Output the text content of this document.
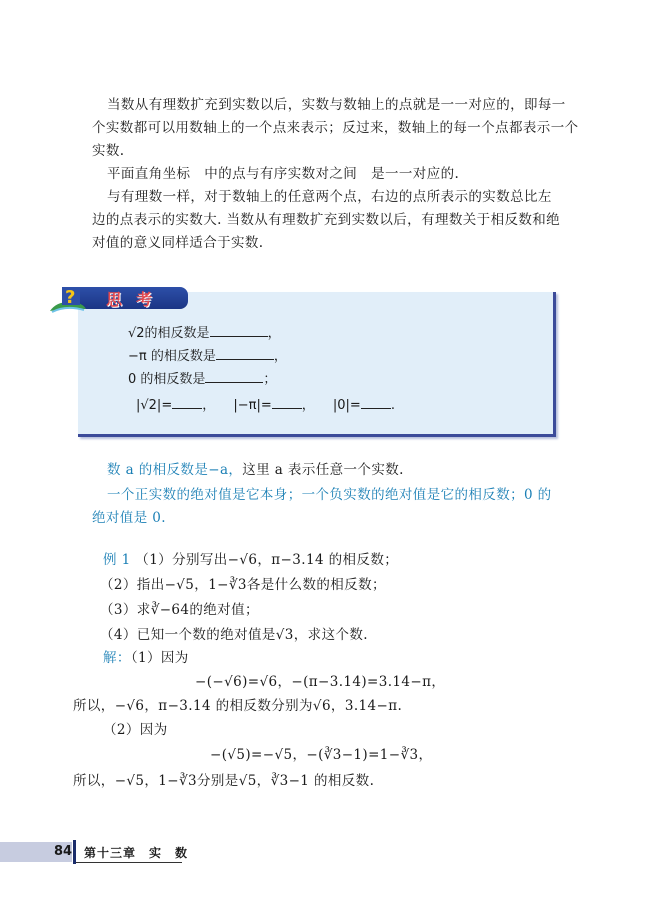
当数从有理数扩充到实数以后，实数与数轴上的点就是一一对应的，即每一
个实数都可以用数轴上的一个点来表示；反过来，数轴上的每一个点都表示一个
实数.
平面直角坐标　中的点与有序实数对之间　是一一对应的.
与有理数一样，对于数轴上的任意两个点，右边的点所表示的实数总比左
边的点表示的实数大. 当数从有理数扩充到实数以后，有理数关于相反数和绝
对值的意义同样适合于实数.
? 思考
√2的相反数是	，
−π 的相反数是	，
0 的相反数是	；
|√2|= ， |−π|= ， |0|= .
数 a 的相反数是−a，这里 a 表示任意一个实数.
一个正实数的绝对值是它本身；一个负实数的绝对值是它的相反数；0 的
绝对值是 0.
例 1 （1）分别写出−√6，π−3.14 的相反数；
（2）指出−√5，1−∛3各是什么数的相反数；
（3）求∛−64的绝对值；
（4）已知一个数的绝对值是√3，求这个数.
解：（1）因为
−(−√6)=√6，−(π−3.14)=3.14−π，
所以，−√6，π−3.14 的相反数分别为√6，3.14−π.
（2）因为
−(√5)=−√5，−(∛3−1)=1−∛3，
所以，−√5，1−∛3分别是√5，∛3−1 的相反数.
84 第十三章　实　数
